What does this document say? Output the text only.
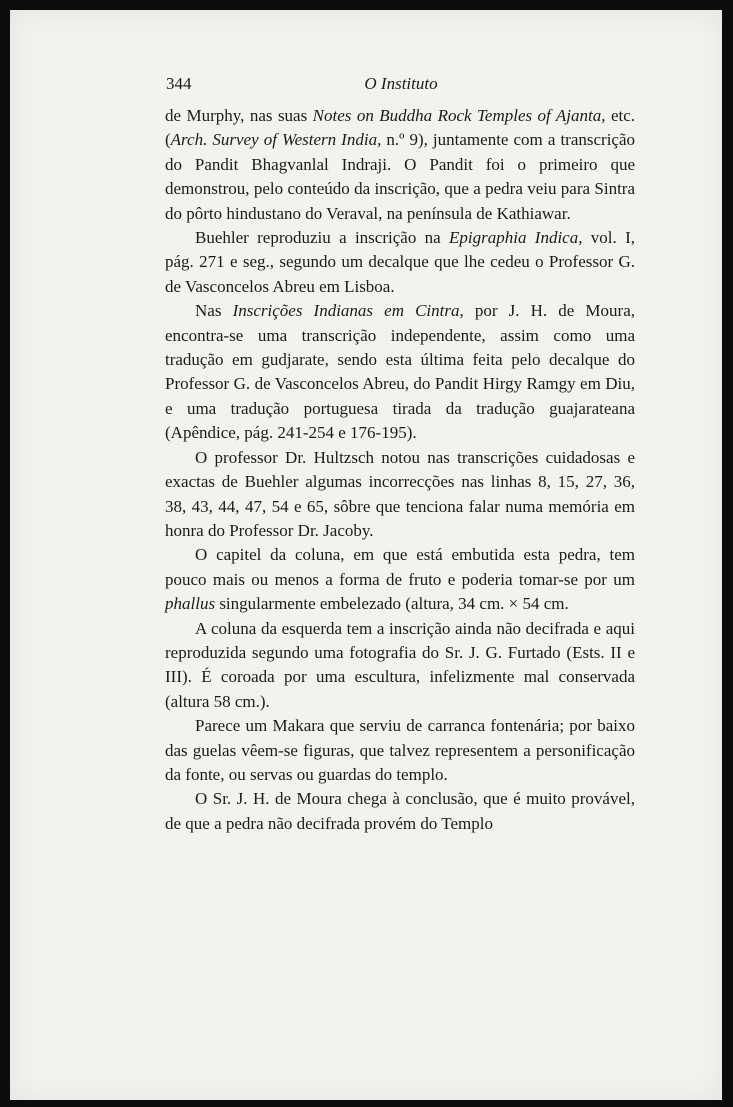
344	O Instituto

de Murphy, nas suas Notes on Buddha Rock Temples of Ajanta, etc. (Arch. Survey of Western India, n.º 9), juntamente com a transcrição do Pandit Bhagvanlal Indraji. O Pandit foi o primeiro que demonstrou, pelo conteúdo da inscrição, que a pedra veiu para Sintra do pôrto hindustano do Veraval, na península de Kathiawar.

Buehler reproduziu a inscrição na Epigraphia Indica, vol. I, pág. 271 e seg., segundo um decalque que lhe cedeu o Professor G. de Vasconcelos Abreu em Lisboa.

Nas Inscrições Indianas em Cintra, por J. H. de Moura, encontra-se uma transcrição independente, assim como uma tradução em gudjarate, sendo esta última feita pelo decalque do Professor G. de Vasconcelos Abreu, do Pandit Hirgy Ramgy em Diu, e uma tradução portuguesa tirada da tradução guajarateana (Apêndice, pág. 241-254 e 176-195).

O professor Dr. Hultzsch notou nas transcrições cuidadosas e exactas de Buehler algumas incorrecções nas linhas 8, 15, 27, 36, 38, 43, 44, 47, 54 e 65, sôbre que tenciona falar numa memória em honra do Professor Dr. Jacoby.

O capitel da coluna, em que está embutida esta pedra, tem pouco mais ou menos a forma de fruto e poderia tomar-se por um phallus singularmente embelezado (altura, 34 cm. × 54 cm.

A coluna da esquerda tem a inscrição ainda não decifrada e aqui reproduzida segundo uma fotografia do Sr. J. G. Furtado (Ests. II e III). É coroada por uma escultura, infelizmente mal conservada (altura 58 cm.).

Parece um Makara que serviu de carranca fontenária; por baixo das guelas vêem-se figuras, que talvez representem a personificação da fonte, ou servas ou guardas do templo.

O Sr. J. H. de Moura chega à conclusão, que é muito provável, de que a pedra não decifrada provém do Templo
